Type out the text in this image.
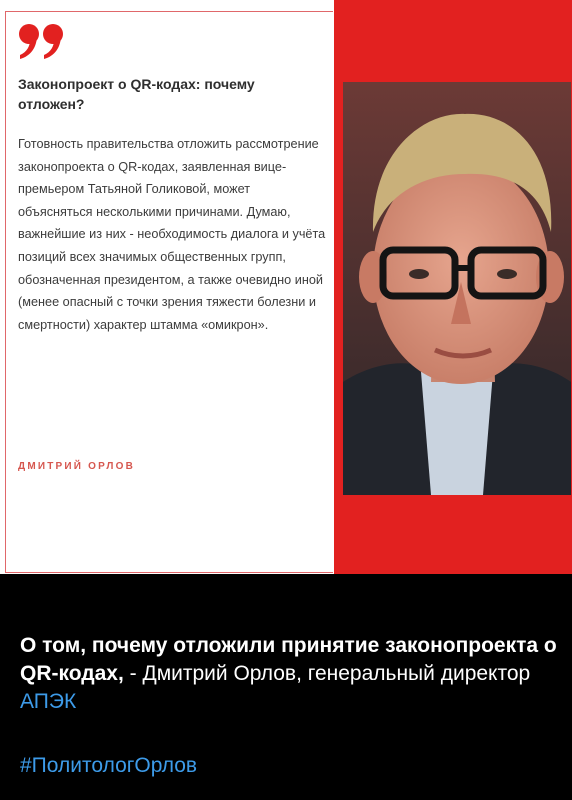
Законопроект о QR-кодах: почему отложен?
Готовность правительства отложить рассмотрение законопроекта о QR-кодах, заявленная вице-премьером Татьяной Голиковой, может объясняться несколькими причинами. Думаю, важнейшие из них - необходимость диалога и учёта позиций всех значимых общественных групп, обозначенная президентом, а также очевидно иной (менее опасный с точки зрения тяжести болезни и смертности) характер штамма «омикрон».
ДМИТРИЙ ОРЛОВ
О том, почему отложили принятие законопроекта о QR-кодах, - Дмитрий Орлов, генеральный директор АПЭК
#ПолитологОрлов
